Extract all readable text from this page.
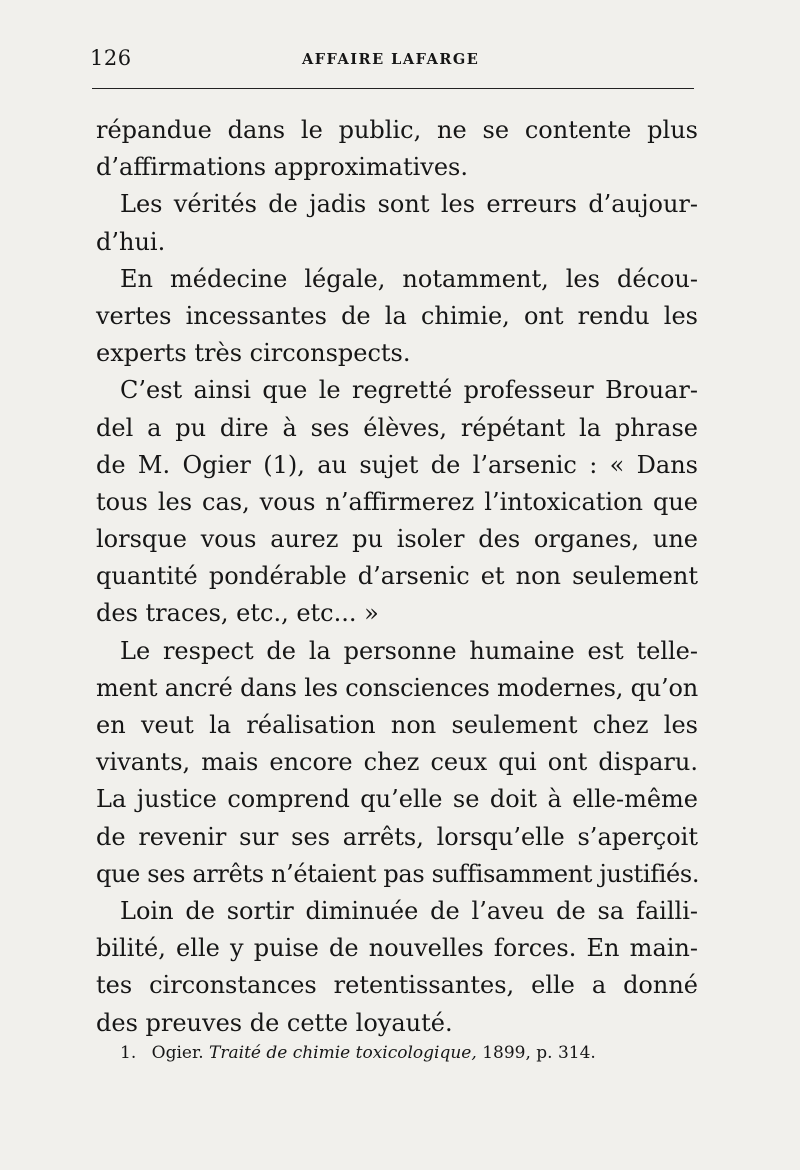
126	AFFAIRE LAFARGE
répandue dans le public, ne se contente plus
d’affirmations approximatives.
Les vérités de jadis sont les erreurs d’aujour-
d’hui.
En médecine légale, notamment, les décou-
vertes incessantes de la chimie, ont rendu les
experts très circonspects.
C’est ainsi que le regretté professeur Brouar-
del a pu dire à ses élèves, répétant la phrase
de M. Ogier (1), au sujet de l’arsenic : « Dans
tous les cas, vous n’affirmerez l’intoxication que
lorsque vous aurez pu isoler des organes, une
quantité pondérable d’arsenic et non seulement
des traces, etc., etc... »
Le respect de la personne humaine est telle-
ment ancré dans les consciences modernes, qu’on
en veut la réalisation non seulement chez les
vivants, mais encore chez ceux qui ont disparu.
La justice comprend qu’elle se doit à elle-même
de revenir sur ses arrêts, lorsqu’elle s’aperçoit
que ses arrêts n’étaient pas suffisamment justifiés.
Loin de sortir diminuée de l’aveu de sa failli-
bilité, elle y puise de nouvelles forces. En main-
tes circonstances retentissantes, elle a donné
des preuves de cette loyauté.
1. Ogier. Traité de chimie toxicologique, 1899, p. 314.
